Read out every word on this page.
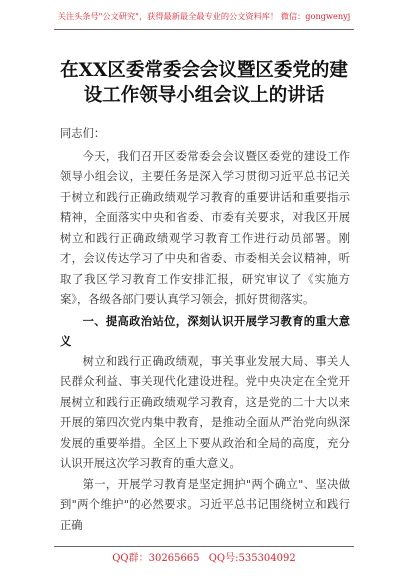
关注头条号"公文研究"，获得最新最全最专业的公文资料库！ 微信：gongwenyj
在XX区委常委会会议暨区委党的建设工作领导小组会议上的讲话

同志们：

今天，我们召开区委常委会会议暨区委党的建设工作领导小组会议，主要任务是深入学习贯彻习近平总书记关于树立和践行正确政绩观学习教育的重要讲话和重要指示精神，全面落实中央和省委、市委有关要求，对我区开展树立和践行正确政绩观学习教育工作进行动员部署。刚才，会议传达学习了中央和省委、市委相关会议精神，听取了我区学习教育工作安排汇报，研究审议了《实施方案》，各级各部门要认真学习领会，抓好贯彻落实。

一、提高政治站位，深刻认识开展学习教育的重大意义

树立和践行正确政绩观，事关事业发展大局、事关人民群众利益、事关现代化建设进程。党中央决定在全党开展树立和践行正确政绩观学习教育，这是党的二十大以来开展的第四次党内集中教育，是推动全面从严治党向纵深发展的重要举措。全区上下要从政治和全局的高度，充分认识开展这次学习教育的重大意义。

第一，开展学习教育是坚定拥护"两个确立"、坚决做到"两个维护"的必然要求。习近平总书记围绕树立和践行正确

QQ群：30265665 QQ号:535304092
